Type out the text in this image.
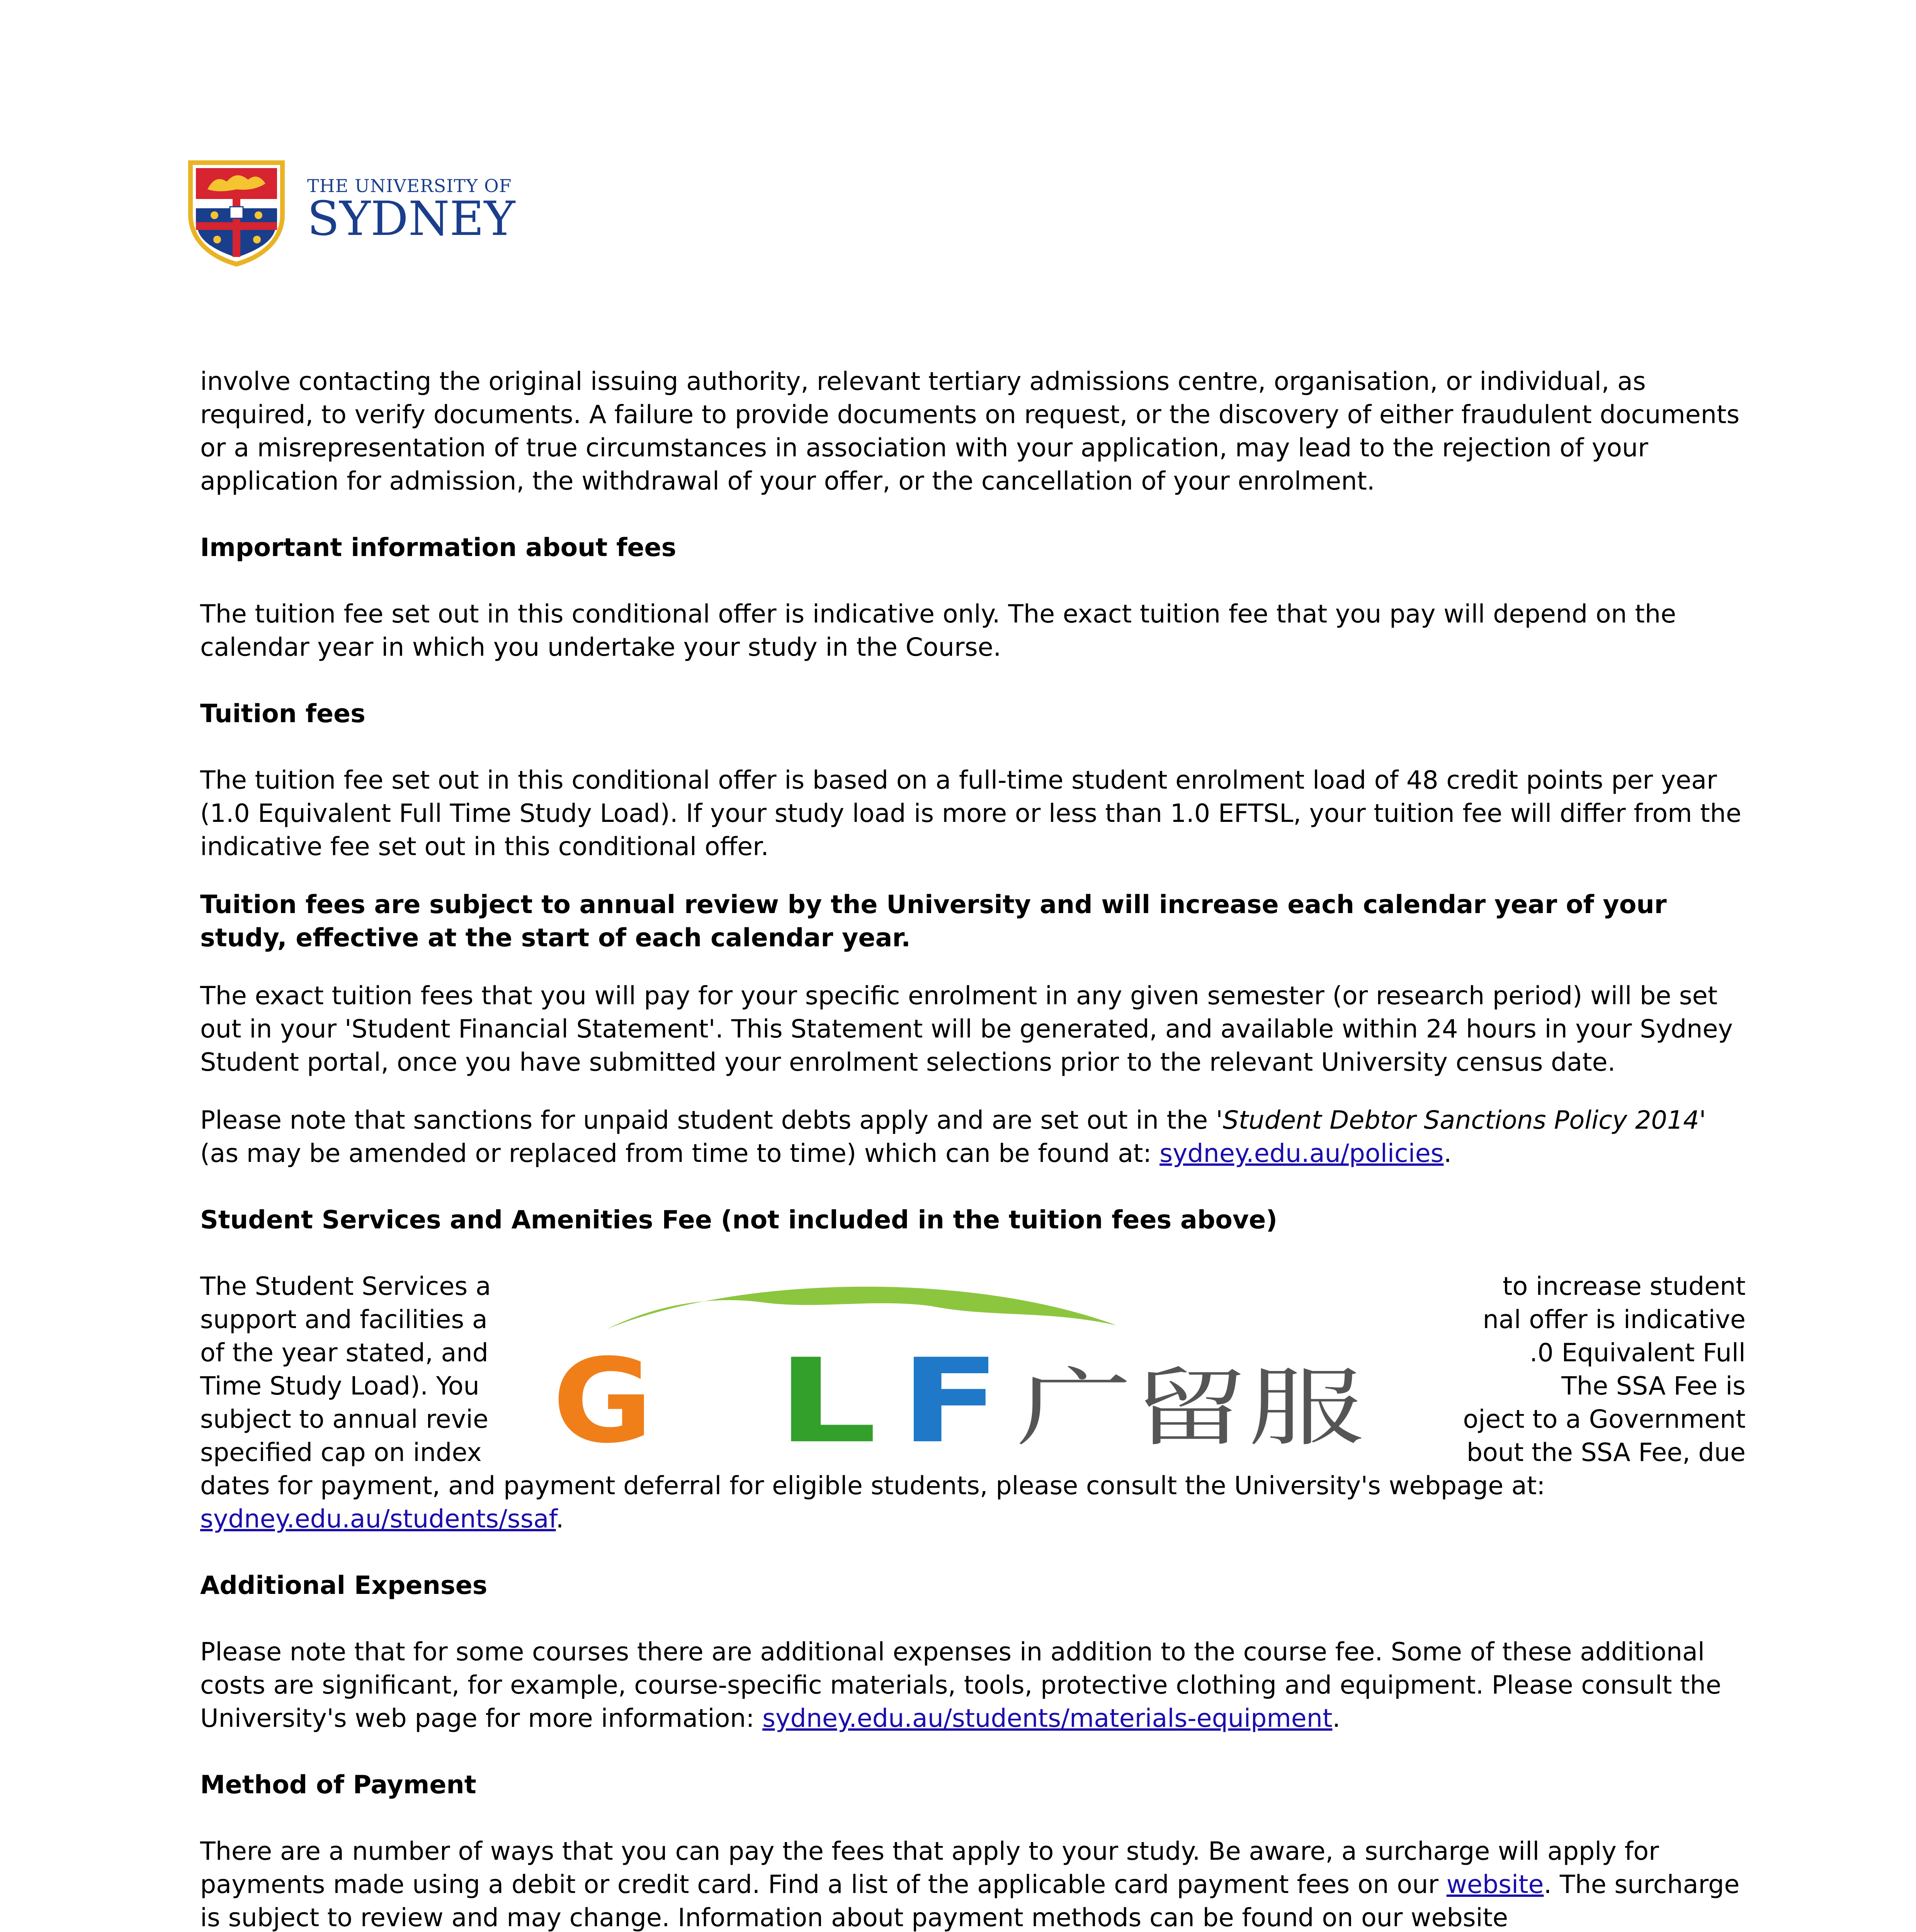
THE UNIVERSITY OF
SYDNEY

involve contacting the original issuing authority, relevant tertiary admissions centre, organisation, or individual, as required, to verify documents. A failure to provide documents on request, or the discovery of either fraudulent documents or a misrepresentation of true circumstances in association with your application, may lead to the rejection of your application for admission, the withdrawal of your offer, or the cancellation of your enrolment.

Important information about fees

The tuition fee set out in this conditional offer is indicative only. The exact tuition fee that you pay will depend on the calendar year in which you undertake your study in the Course.

Tuition fees

The tuition fee set out in this conditional offer is based on a full-time student enrolment load of 48 credit points per year (1.0 Equivalent Full Time Study Load). If your study load is more or less than 1.0 EFTSL, your tuition fee will differ from the indicative fee set out in this conditional offer.

Tuition fees are subject to annual review by the University and will increase each calendar year of your study, effective at the start of each calendar year.

The exact tuition fees that you will pay for your specific enrolment in any given semester (or research period) will be set out in your 'Student Financial Statement'. This Statement will be generated, and available within 24 hours in your Sydney Student portal, once you have submitted your enrolment selections prior to the relevant University census date.

Please note that sanctions for unpaid student debts apply and are set out in the 'Student Debtor Sanctions Policy 2014' (as may be amended or replaced from time to time) which can be found at: sydney.edu.au/policies.

Student Services and Amenities Fee (not included in the tuition fees above)

The Student Services a	to increase student

support and facilities a	nal offer is indicative

of the year stated, and	.0 Equivalent Full

Time Study Load). You	The SSA Fee is

subject to annual revie	oject to a Government

specified cap on index	bout the SSA Fee, due

dates for payment, and payment deferral for eligible students, please consult the University's webpage at: sydney.edu.au/students/ssaf.

Additional Expenses

Please note that for some courses there are additional expenses in addition to the course fee. Some of these additional costs are significant, for example, course-specific materials, tools, protective clothing and equipment. Please consult the University's web page for more information: sydney.edu.au/students/materials-equipment.

Method of Payment

There are a number of ways that you can pay the fees that apply to your study. Be aware, a surcharge will apply for payments made using a debit or credit card. Find a list of the applicable card payment fees on our website. The surcharge is subject to review and may change. Information about payment methods can be found on our website

G L F 广留服
